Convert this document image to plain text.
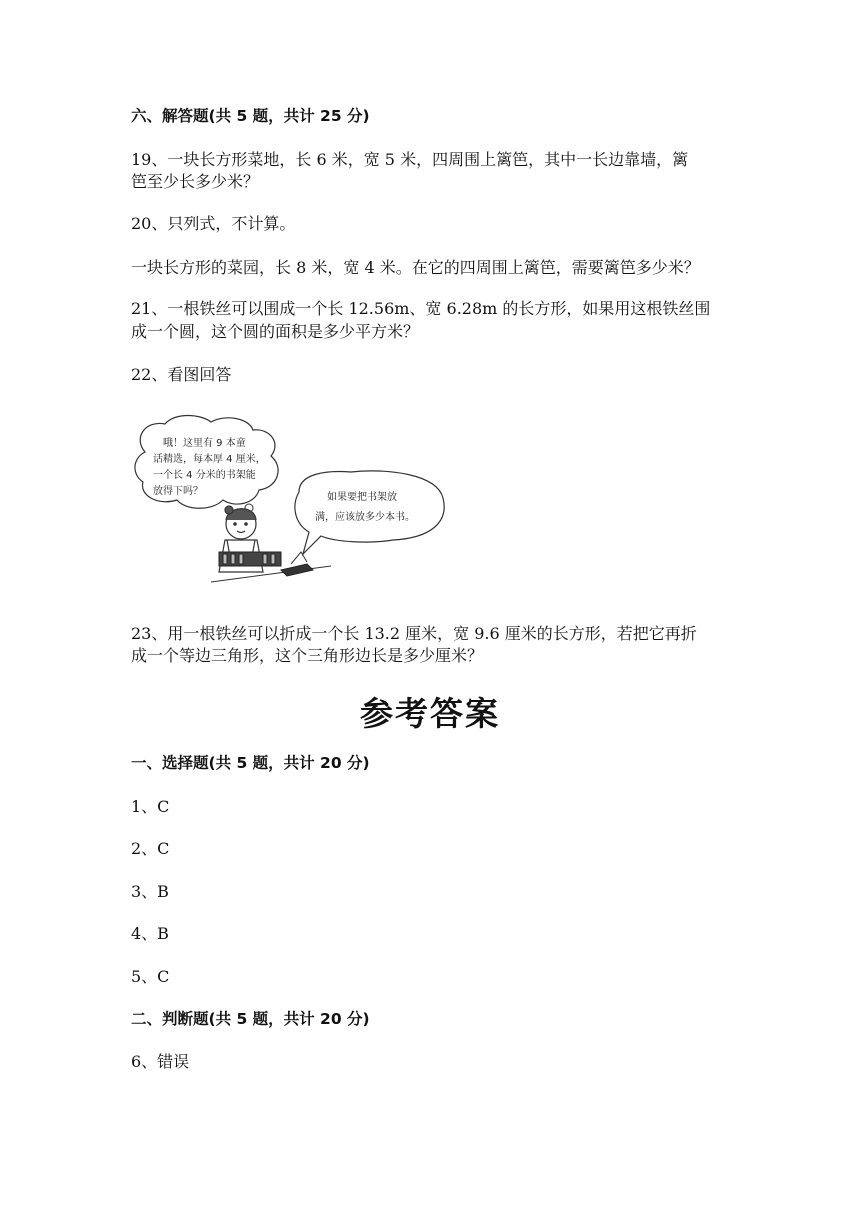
六、解答题(共 5 题，共计 25 分)
19、一块长方形菜地，长 6 米，宽 5 米，四周围上篱笆，其中一长边靠墙，篱
笆至少长多少米？
20、只列式，不计算。
一块长方形的菜园，长 8 米，宽 4 米。在它的四周围上篱笆，需要篱笆多少米？
21、一根铁丝可以围成一个长 12.56m、宽 6.28m 的长方形，如果用这根铁丝围
成一个圆，这个圆的面积是多少平方米？
22、看图回答
哦！这里有 9 本童
话精选，每本厚 4 厘米，
一个长 4 分米的书架能
放得下吗？
如果要把书架放
满，应该放多少本书。
23、用一根铁丝可以折成一个长 13.2 厘米，宽 9.6 厘米的长方形，若把它再折
成一个等边三角形，这个三角形边长是多少厘米？
参考答案
一、选择题(共 5 题，共计 20 分)
1、C
2、C
3、B
4、B
5、C
二、判断题(共 5 题，共计 20 分)
6、错误
